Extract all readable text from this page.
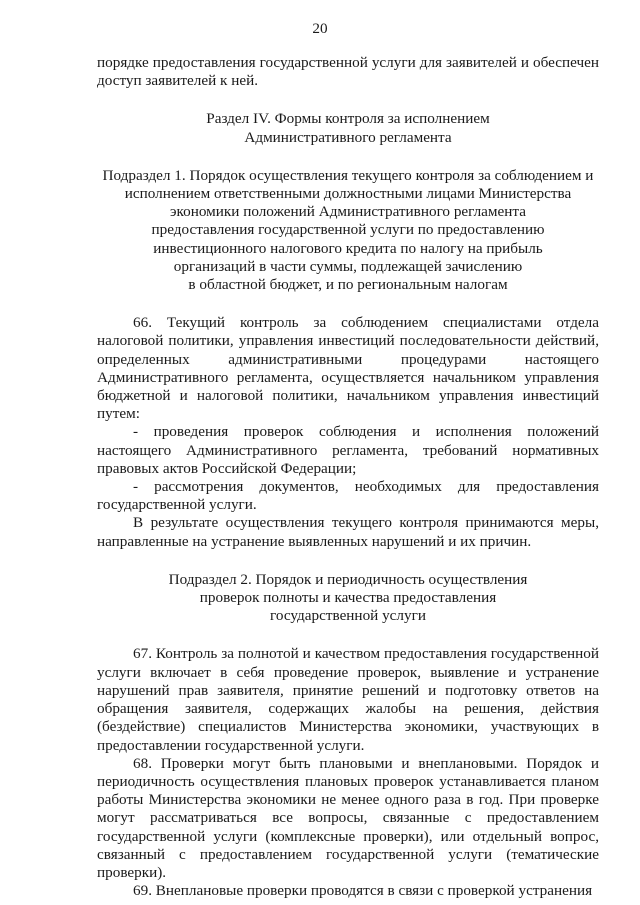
20

порядке предоставления государственной услуги для заявителей и обеспечен доступ заявителей к ней.

Раздел IV. Формы контроля за исполнением

Административного регламента

Подраздел 1. Порядок осуществления текущего контроля за соблюдением и

исполнением ответственными должностными лицами Министерства

экономики положений Административного регламента

предоставления государственной услуги по предоставлению

инвестиционного налогового кредита по налогу на прибыль

организаций в части суммы, подлежащей зачислению

в областной бюджет, и по региональным налогам

66. Текущий контроль за соблюдением специалистами отдела налоговой политики, управления инвестиций последовательности действий, определенных административными процедурами настоящего Административного регламента, осуществляется начальником управления бюджетной и налоговой политики, начальником управления инвестиций путем:

- проведения проверок соблюдения и исполнения положений настоящего Административного регламента, требований нормативных правовых актов Российской Федерации;

- рассмотрения документов, необходимых для предоставления государственной услуги.

В результате осуществления текущего контроля принимаются меры, направленные на устранение выявленных нарушений и их причин.

Подраздел 2. Порядок и периодичность осуществления

проверок полноты и качества предоставления

государственной услуги

67. Контроль за полнотой и качеством предоставления государственной услуги включает в себя проведение проверок, выявление и устранение нарушений прав заявителя, принятие решений и подготовку ответов на обращения заявителя, содержащих жалобы на решения, действия (бездействие) специалистов Министерства экономики, участвующих в предоставлении государственной услуги.

68. Проверки могут быть плановыми и внеплановыми. Порядок и периодичность осуществления плановых проверок устанавливается планом работы Министерства экономики не менее одного раза в год. При проверке могут рассматриваться все вопросы, связанные с предоставлением государственной услуги (комплексные проверки), или отдельный вопрос, связанный с предоставлением государственной услуги (тематические проверки).

69. Внеплановые проверки проводятся в связи с проверкой устранения
